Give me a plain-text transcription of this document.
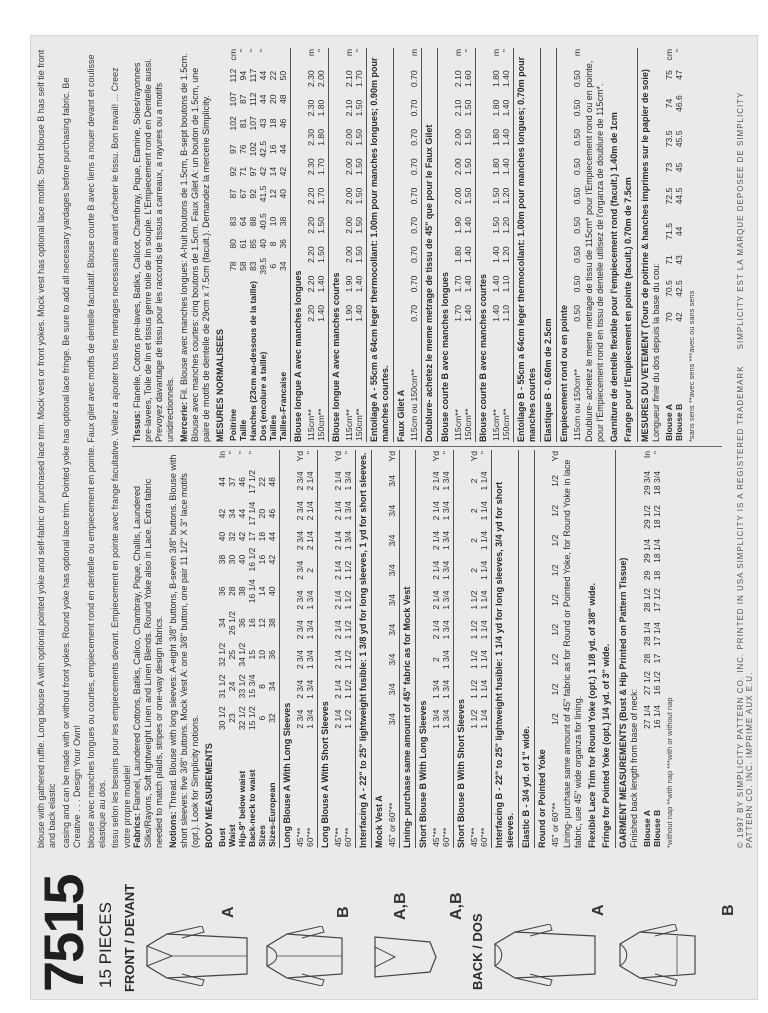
7515 15 PIECES FRONT / DEVANT	A	B	A,B A,B
BACK / DOS
A	B

blouse with gathered ruffle. Long blouse A with optional pointed yoke and self-fabric or purchased lace trim. Mock vest or front yokes. Mock vest has optional lace motifs. Short blouse B has self tie front and back elastic casing and can be made with or without front yokes. Round yoke has optional lace trim. Pointed yoke has optional lace fringe. Be sure to add all necessary yardages before purchasing fabric. Be Creative . . . Design Your Own! blouse avec manches longues ou courtes, empiecement rond en dentelle ou empiecement en pointe. Faux gilet avec motifs de dentelle facultatif. Blouse courte B avec liens a nouer devant et coulisse elastique au dos. tissu selon les besoins pour les empiecements devant. Empiecement en pointe avec frange facultative. Veillez a ajouter tous les metrages necessaires avant d'acheter le tissu. Bon travail! ... Creez votre propre modele! Fabrics: Flannel, Laundered Cottons, Batiks, Calico, Chambray, Pique, Challis, Laundered Silks/Rayons, Soft lightweight Linen and Linen Blends. Round Yoke also in Lace. Extra fabric needed to match plaids, stripes or one-way design fabrics. Notions: Thread. Blouse with long sleeves: A-eight 3/8" buttons, B-seven 3/8" buttons. Blouse with short sleeves: five 3/8" buttons. Mock Vest A: one 3/8" button, one pair 11 1/2" X 3" lace motifs (opt.). Look for Simplicity notions. BODY MEASUREMENTS Bust	30 1/2	31 1/2	32 1/2	34	36	38	40	42	44	In
Waist	23	24	25	26 1/2	28	30	32	34	37	"
Hip-9" below waist	32 1/2	33 1/2	34 1/2	36	38	40	42	44	46	"
Back-neck to waist	15 1/2	15 3/4	15	16	16 1/4	16 1/2	17	17 1/4	17 1/2	"
Sizes	6	8	10	12	14	16	18	20	22	
Sizes-European	32	34	36	38	40	42	44	46	48	
Long Blouse A With Long Sleeves 45"**	2 3/4	2 3/4	2 3/4	2 3/4	2 3/4	2 3/4	2 3/4	2 3/4	2 3/4	Yd
60"**	1 3/4	1 3/4	1 3/4	1 3/4	1 3/4	2	2 1/4	2 1/4	2 1/4	"
Long Blouse A With Short Sleeves 45"**	2 1/4	2 1/4	2 1/4	2 1/4	2 1/4	2 1/4	2 1/4	2 1/4	2 1/4	Yd
60"**	1 1/2	1 1/2	1 1/2	1 1/2	1 1/2	1 1/2	1 3/4	1 3/4	1 3/4	" Interfacing A - 22" to 25" lightweight fusible: 1 3/8 yd for long sleeves, 1 yd for short sleeves. Mock Vest A 45" or 60"**	3/4	3/4	3/4	3/4	3/4	3/4	3/4	3/4	3/4	Yd
Lining- purchase same amount of 45" fabric as for Mock Vest Short Blouse B With Long Sleeves 45"**	1 3/4	1 3/4	2	2 1/4	2 1/4	2 1/4	2 1/4	2 1/4	2 1/4	Yd
60"**	1 3/4	1 3/4	1 3/4	1 3/4	1 3/4	1 3/4	1 3/4	1 3/4	1 3/4	"
Short Blouse B With Short Sleeves 45"**	1 1/2	1 1/2	1 1/2	1 1/2	1 1/2	2	2	2	2	Yd
60"**	1 1/4	1 1/4	1 1/4	1 1/4	1 1/4	1 1/4	1 1/4	1 1/4	1 1/4	"
Interfacing B - 22" to 25" lightweight fusible: 1 1/4 yd for long sleeves, 3/4 yd for short sleeves. Elastic B - 3/4 yd. of 1" wide. Round or Pointed Yoke 45" or 60"**	1/2	1/2	1/2	1/2	1/2	1/2	1/2	1/2	1/2	Yd
Lining- purchase same amount of 45" fabric as for Round or Pointed Yoke, for Round Yoke in lace fabric, use 45" wide organza for lining. Flexible Lace Trim for Round Yoke (opt.) 1 1/8 yd. of 3/8" wide. Fringe for Pointed Yoke (opt.) 1/4 yd. of 3" wide. GARMENT MEASUREMENTS (Bust & Hip Printed on Pattern Tissue) Finished back length from base of neck: Blouse A	27 1/4	27 1/2	28	28 1/4	28 1/2	29	29 1/4	29 1/2	29 3/4	In
Blouse B	16 1/4	16 1/2	17	17 1/4	17 1/2	18	18 1/4	18 1/2	18 3/4	"
*without nap **with nap ***with or without nap
Tissus: Flanelle, Cotons pre-laves, Batiks, Calicot, Chambray, Pique, Etamine, Soies/rayonnes pre-lavees, Toile de lin et tissus genre toile de lin souple. L'Empiecement rond en Dentelle aussi. Prevoyez davantage de tissu pour les raccords de tissus a carreaux, a rayures ou a motifs unidirectionnels. Mercerie: Fil. Blouse avec manches longues: A-huit boutons de 1.5cm, B-sept boutons de 1.5cm. Blouse avec manches courtes: cinq boutons de 1.5cm. Faux Gilet A: un bouton de 1.5cm, une paire de motifs de dentelle de 29cm x 7.5cm (facult.). Demandez la mercerie Simplicity. MESURES NORMALISEES Poitrine	78	80	83	87	92	97	102	107	112	cm
Taille	58	61	64	67	71	76	81	87	94	"
Hanches (23cm au-dessous de la taille)	83	85	88	92	97	102	107	112	117	"
Dos (encolure a taille)	39.5	40	40.5	41.5	42	42.5	43	44	44	"
Tailles	6	8	10	12	14	16	18	20	22	
Tailles-Francaise	34	36	38	40	42	44	46	48	50	
Blouse longue A avec manches longues 115cm**	2.20	2.20	2.20	2.20	2.20	2.30	2.30	2.30	2.30	m
150cm**	1.40	1.40	1.50	1.50	1.70	1.70	1.80	1.80	2.00	"
Blouse longue A avec manches courtes 115cm**	1.90	1.90	2.00	2.00	2.00	2.00	2.00	2.10	2.10	m
150cm**	1.40	1.40	1.50	1.50	1.50	1.50	1.50	1.50	1.70	"
Entoilage A - 55cm a 64cm leger thermocollant: 1.00m pour manches longues; 0.90m pour manches courtes. Faux Gilet A 115cm ou 150cm**	0.70	0.70	0.70	0.70	0.70	0.70	0.70	0.70	0.70	m
Doublure- achetez le meme metrage de tissu de 45" que pour le Faux Gilet Blouse courte B avec manches longues 115cm**	1.70	1.70	1.80	1.90	2.00	2.00	2.00	2.10	2.10	m
150cm**	1.40	1.40	1.40	1.40	1.50	1.50	1.50	1.50	1.60	"
Blouse courte B avec manches courtes 115cm**	1.40	1.40	1.40	1.50	1.50	1.80	1.80	1.80	1.80	m
150cm**	1.10	1.10	1.20	1.20	1.20	1.40	1.40	1.40	1.40	"
Entoilage B - 55cm a 64cm leger thermocollant: 1.00m pour manches longues; 0.70m pour manches courtes Elastique B - 0.60m de 2.5cm Empiecement rond ou en pointe 115cm ou 150cm**	0.50	0.50	0.50	0.50	0.50	0.50	0.50	0.50	0.50	m
Doublure- achetez le meme metrage de tissu de 115cm* pour l'Empiecement rond ou en pointe, pour l'Empiecement rond en tissu de dentelle utilisez de l'organza de doublure de 115cm*. Garniture de dentelle flexible pour l'empiecement rond (facult.) 1.40m de 1cm Frange pour l'Empiecement en pointe (facult.) 0.70m de 7.5cm MESURES DU VETEMENT (Tours de poitrine & hanches imprimes sur le papier de soie) Longueur finie du dos depuis la base du cou: Blouse A	70	70.5	71	71.5	72.5	73	73.5	74	75	cm
Blouse B	42	42.5	43	44	44.5	45	45.5	46.6	47	"
*sans sens **avec sens ***avec ou sans sens	© 1997 BY SIMPLICITY PATTERN CO. INC. PRINTED IN USA SIMPLICITY IS A REGISTERED TRADEMARK     SIMPLICITY EST LA MARQUE DEPOSEE DE SIMPLICITY PATTERN CO. INC. IMPRIME AUX E.U.
